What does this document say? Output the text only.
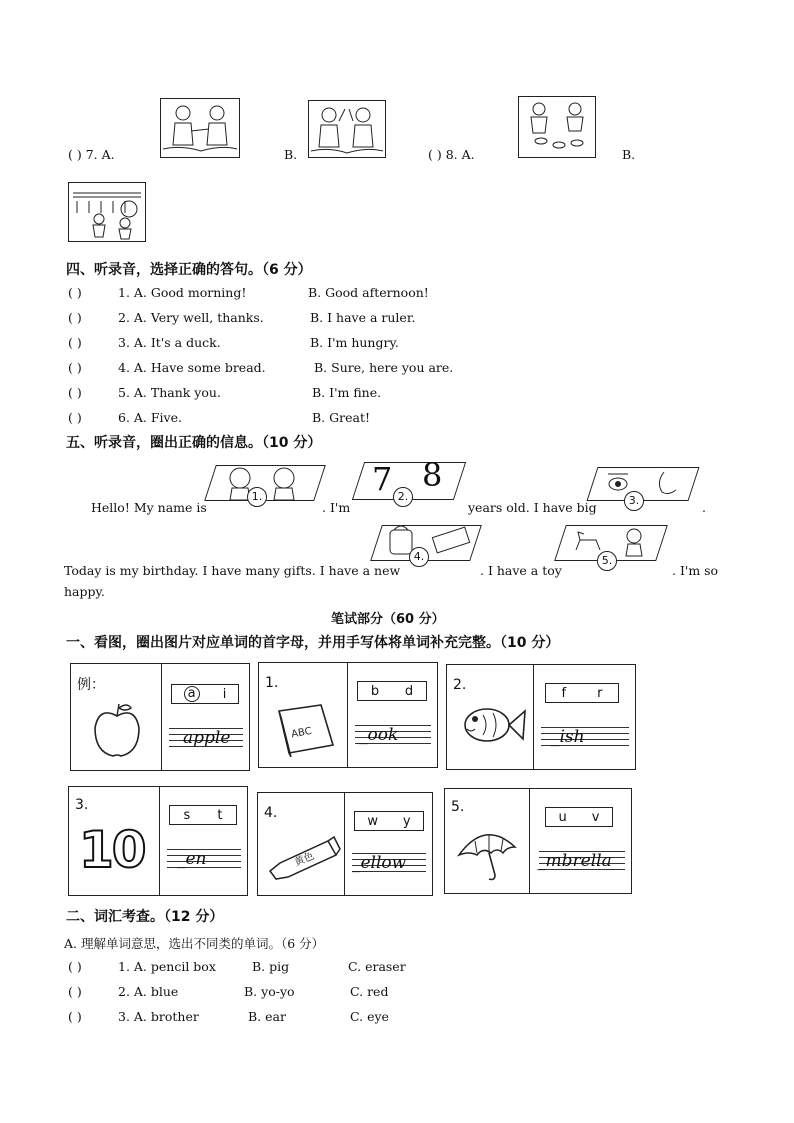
( ) 7. A.	B.	( ) 8. A.	B.
四、听录音，选择正确的答句。（6 分）
( )	1. A. Good morning!	B. Good afternoon!
( )	2. A. Very well, thanks.	B. I have a ruler.
( )	3. A. It's a duck.	B. I'm hungry.
( )	4. A. Have some bread.	B. Sure, here you are.
( )	5. A. Thank you.	B. I'm fine.
( )	6. A. Five.	B. Great!
五、听录音，圈出正确的信息。（10 分）
1.	7 8
2.	3.
Hello! My name is	. I'm	years old. I have big	.
4.	5.
Today is my birthday. I have many gifts. I have a new	. I have a toy	. I'm so
happy.
笔试部分（60 分）
一、看图，圈出图片对应单词的首字母，并用手写体将单词补充完整。（10 分）
例：
a	i
apple
1.
ABC
b d
_ook
2.	f r
_ish
3.
10
s t
_en
4.
黄色
w y
_ellow
5.
u v
_mbrella
二、词汇考查。（12 分）
A. 理解单词意思，选出不同类的单词。（6 分）
( )	1. A. pencil box	B. pig	C. eraser
( )	2. A. blue	B. yo-yo	C. red
( )	3. A. brother	B. ear	C. eye
